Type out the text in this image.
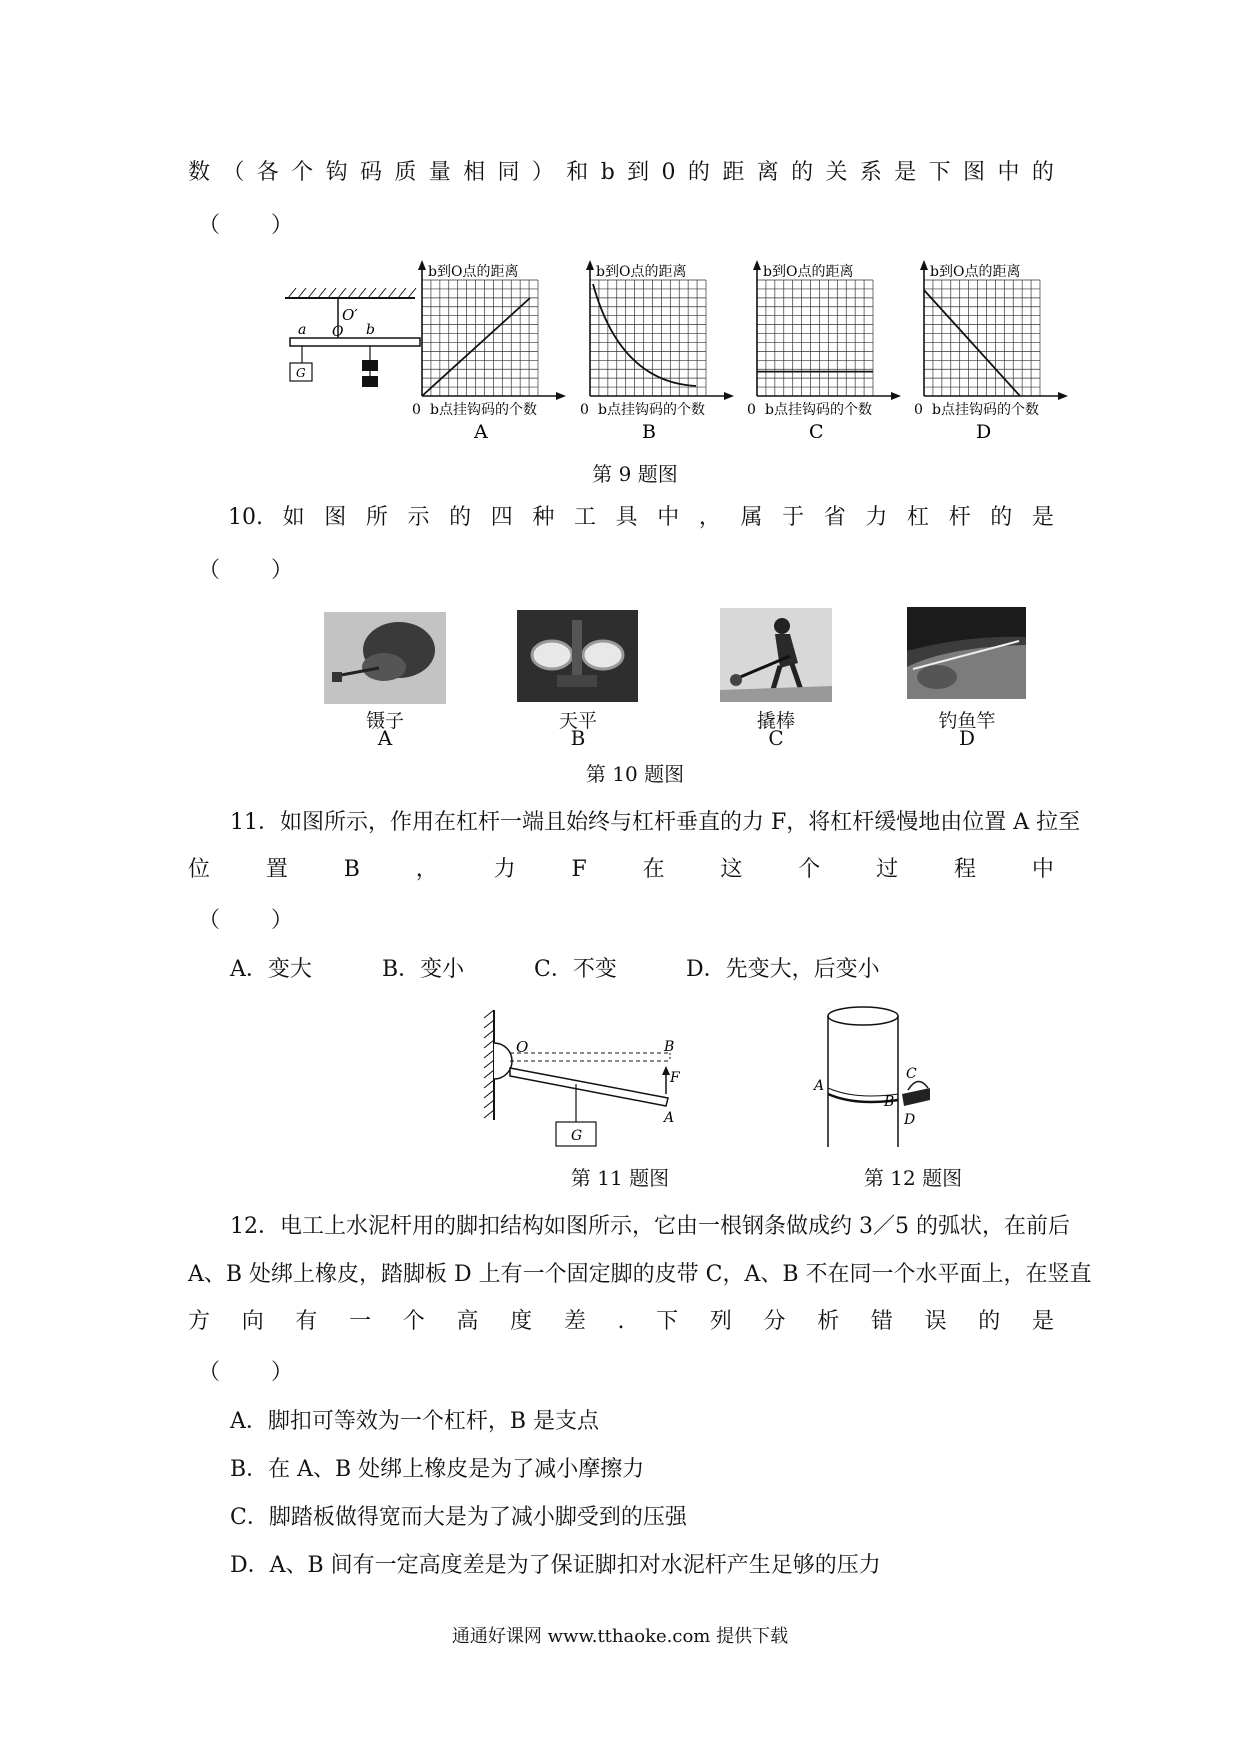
数 （ 各 个 钩 码 质 量 相 同 ） 和 b 到 0 的 距 离 的 关 系 是 下 图 中 的
（ ）
O′
O
a	b
G
b到O点的距离
0 b点挂钩码的个数
A
b到O点的距离
0 b点挂钩码的个数
B
b到O点的距离
0 b点挂钩码的个数
C
b到O点的距离
0 b点挂钩码的个数
D
第 9 题图
10. 如 图 所 示 的 四 种 工 具 中 ， 属 于 省 力 杠 杆 的 是
（ ）
镊子
A
天平
B
撬棒
C
钓鱼竿
D
第 10 题图
11．如图所示，作用在杠杆一端且始终与杠杆垂直的力 F，将杠杆缓慢地由位置 A 拉至
位	置	B	，	力	F	在	这	个	过	程	中
（ ）
A．变大	B．变小	C．不变	D．先变大，后变小
O	B
F
A
G
A
B
C
D
第 11 题图	第 12 题图
12．电工上水泥杆用的脚扣结构如图所示，它由一根钢条做成约 3／5 的弧状，在前后
A、B 处绑上橡皮，踏脚板 D 上有一个固定脚的皮带 C，A、B 不在同一个水平面上，在竖直
方 向 有 一 个 高 度 差 . 下 列 分 析 错 误 的 是
（ ）
A．脚扣可等效为一个杠杆，B 是支点
B．在 A、B 处绑上橡皮是为了减小摩擦力
C．脚踏板做得宽而大是为了减小脚受到的压强
D．A、B 间有一定高度差是为了保证脚扣对水泥杆产生足够的压力
通通好课网 www.tthaoke.com 提供下载
